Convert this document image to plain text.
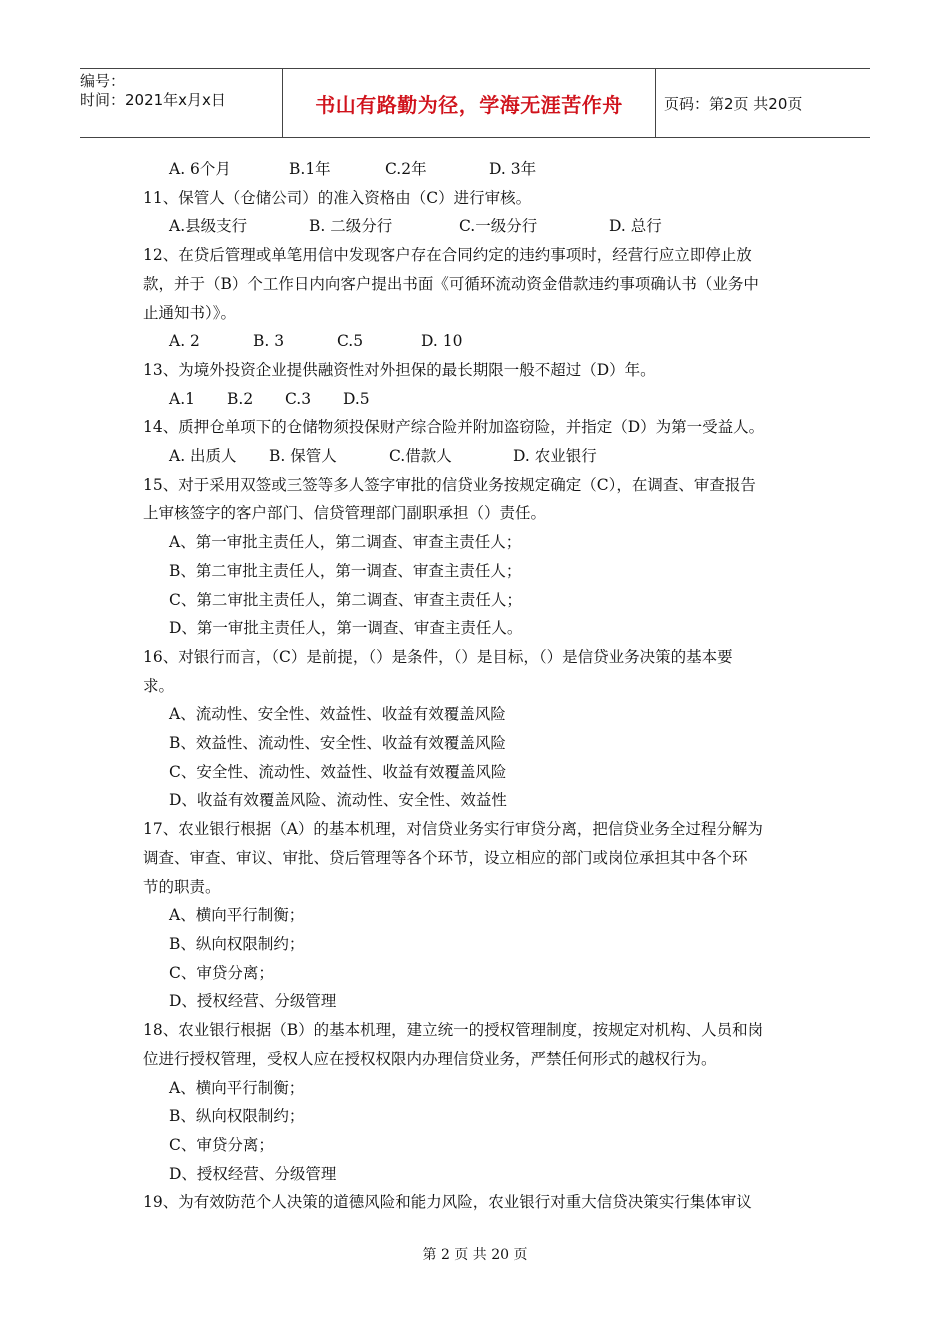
编号：
时间：2021年x月x日	书山有路勤为径，学海无涯苦作舟	页码：第2页 共20页
A. 6个月	B.1年	C.2年	D. 3年
11、保管人（仓储公司）的准入资格由（C）进行审核。
A.县级支行	B. 二级分行	C.一级分行	D. 总行
12、在贷后管理或单笔用信中发现客户存在合同约定的违约事项时，经营行应立即停止放
款，并于（B）个工作日内向客户提出书面《可循环流动资金借款违约事项确认书（业务中
止通知书）》。
A. 2	B. 3	C.5	D. 10
13、为境外投资企业提供融资性对外担保的最长期限一般不超过（D）年。
A.1	B.2	C.3	D.5
14、质押仓单项下的仓储物须投保财产综合险并附加盗窃险，并指定（D）为第一受益人。
A. 出质人	B. 保管人	C.借款人	D. 农业银行
15、对于采用双签或三签等多人签字审批的信贷业务按规定确定（C），在调查、审查报告
上审核签字的客户部门、信贷管理部门副职承担（）责任。
A、第一审批主责任人，第二调查、审查主责任人；
B、第二审批主责任人，第一调查、审查主责任人；
C、第二审批主责任人，第二调查、审查主责任人；
D、第一审批主责任人，第一调查、审查主责任人。
16、对银行而言，（C）是前提，（）是条件，（）是目标，（）是信贷业务决策的基本要
求。
A、流动性、安全性、效益性、收益有效覆盖风险
B、效益性、流动性、安全性、收益有效覆盖风险
C、安全性、流动性、效益性、收益有效覆盖风险
D、收益有效覆盖风险、流动性、安全性、效益性
17、农业银行根据（A）的基本机理，对信贷业务实行审贷分离，把信贷业务全过程分解为
调查、审查、审议、审批、贷后管理等各个环节，设立相应的部门或岗位承担其中各个环
节的职责。
A、横向平行制衡；
B、纵向权限制约；
C、审贷分离；
D、授权经营、分级管理
18、农业银行根据（B）的基本机理，建立统一的授权管理制度，按规定对机构、人员和岗
位进行授权管理，受权人应在授权权限内办理信贷业务，严禁任何形式的越权行为。
A、横向平行制衡；
B、纵向权限制约；
C、审贷分离；
D、授权经营、分级管理
19、为有效防范个人决策的道德风险和能力风险，农业银行对重大信贷决策实行集体审议
第 2 页 共 20 页
